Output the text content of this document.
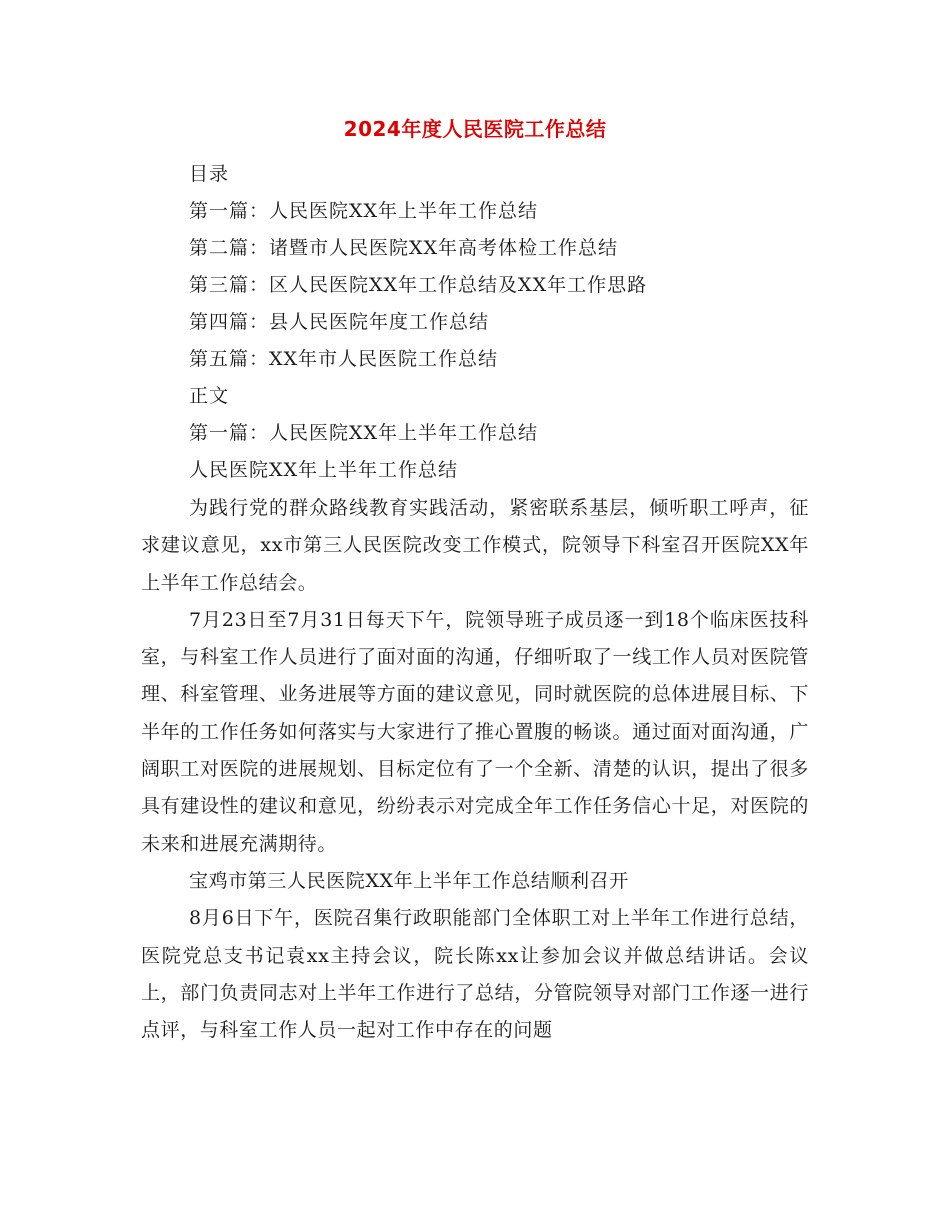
2024年度人民医院工作总结
目录
第一篇：人民医院XX年上半年工作总结
第二篇：诸暨市人民医院XX年高考体检工作总结
第三篇：区人民医院XX年工作总结及XX年工作思路
第四篇：县人民医院年度工作总结
第五篇：XX年市人民医院工作总结
正文
第一篇：人民医院XX年上半年工作总结
人民医院XX年上半年工作总结

为践行党的群众路线教育实践活动，紧密联系基层，倾听职工呼声，征求建议意见，xx市第三人民医院改变工作模式，院领导下科室召开医院XX年上半年工作总结会。

7月23日至7月31日每天下午，院领导班子成员逐一到18个临床医技科室，与科室工作人员进行了面对面的沟通，仔细听取了一线工作人员对医院管理、科室管理、业务进展等方面的建议意见，同时就医院的总体进展目标、下半年的工作任务如何落实与大家进行了推心置腹的畅谈。通过面对面沟通，广阔职工对医院的进展规划、目标定位有了一个全新、清楚的认识，提出了很多具有建设性的建议和意见，纷纷表示对完成全年工作任务信心十足，对医院的未来和进展充满期待。

宝鸡市第三人民医院XX年上半年工作总结顺利召开

8月6日下午，医院召集行政职能部门全体职工对上半年工作进行总结，医院党总支书记袁xx主持会议，院长陈xx让参加会议并做总结讲话。会议上，部门负责同志对上半年工作进行了总结，分管院领导对部门工作逐一进行点评，与科室工作人员一起对工作中存在的问题
